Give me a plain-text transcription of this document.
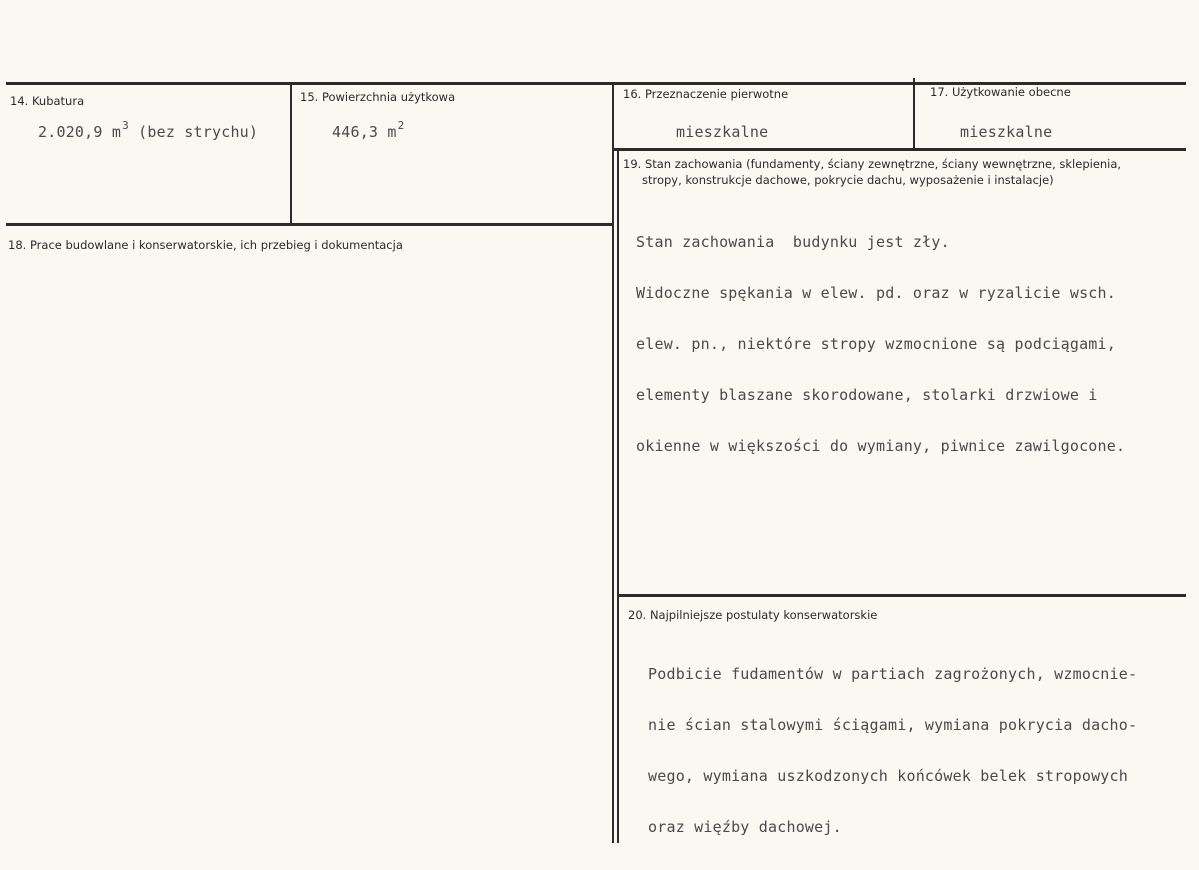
14. Kubatura
2.020,9 $m^3$ (bez strychu)
15. Powierzchnia użytkowa
446,3 $m^2$
16. Przeznaczenie pierwotne
mieszkalne
17. Użytkowanie obecne
mieszkalne
18. Prace budowlane i konserwatorskie, ich przebieg i dokumentacja
19. Stan zachowania (fundamenty, ściany zewnętrzne, ściany wewnętrzne, sklepienia,
stropy, konstrukcje dachowe, pokrycie dachu, wyposażenie i instalacje)

Stan zachowania  budynku jest zły.

Widoczne spękania w elew. pd. oraz w ryzalicie wsch.

elew. pn., niektóre stropy wzmocnione są podciągami,

elementy blaszane skorodowane, stolarki drzwiowe i

okienne w większości do wymiany, piwnice zawilgocone.

20. Najpilniejsze postulaty konserwatorskie

Podbicie fudamentów w partiach zagrożonych, wzmocnie-

nie ścian stalowymi ściągami, wymiana pokrycia dacho-

wego, wymiana uszkodzonych końcówek belek stropowych

oraz więźby dachowej.
